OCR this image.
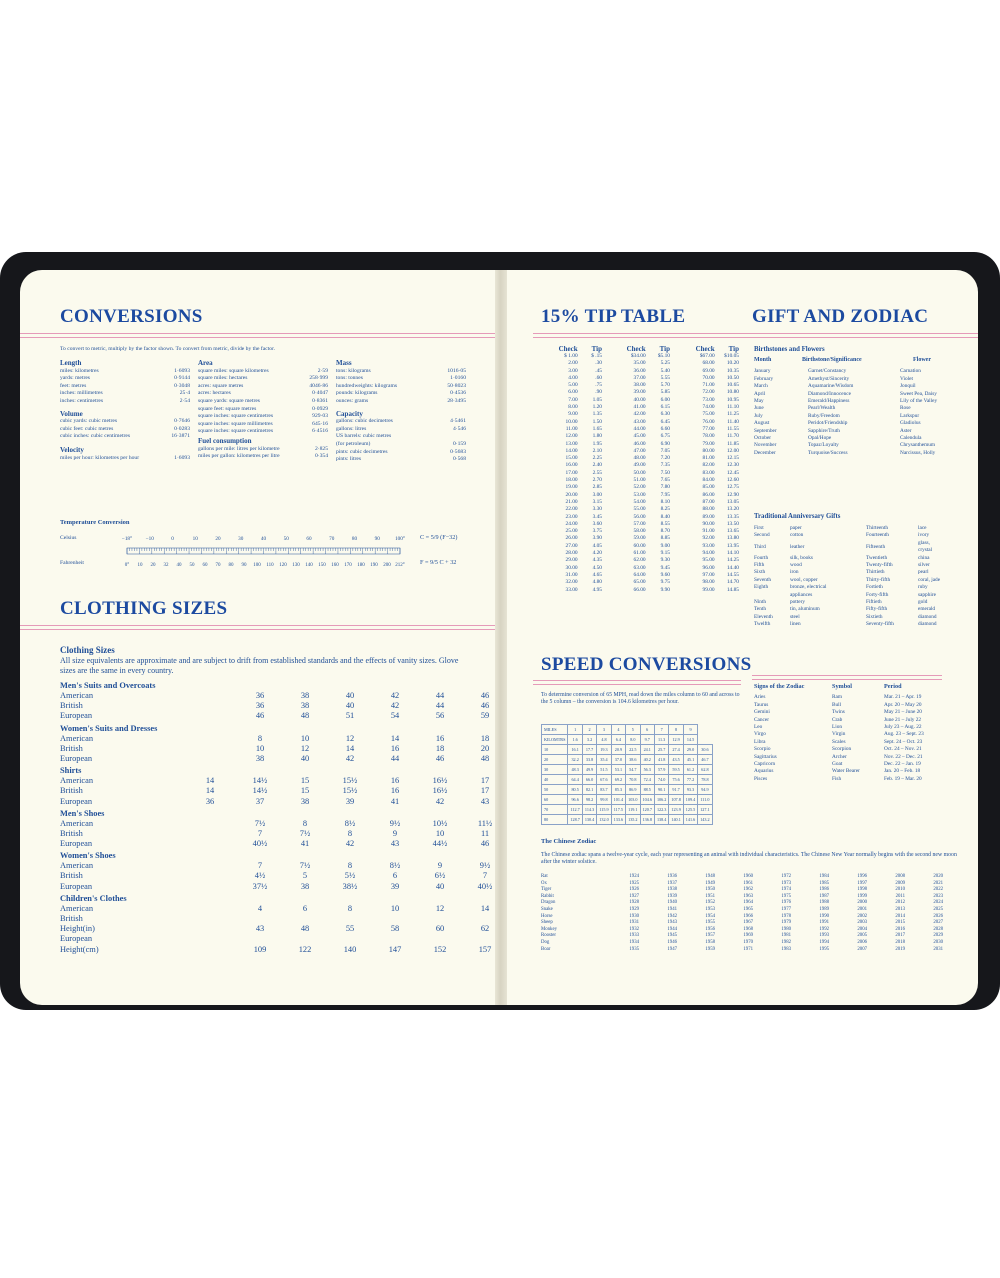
CONVERSIONS
To convert to metric, multiply by the factor shown. To convert from metric, divide by the factor.
Length
miles: kilometres	1·6093
yards: metres	0·9144
feet: metres	0·3048
inches: millimetres	25·4
inches: centimetres	2·54
Volume
cubic yards: cubic metres	0·7646
cubic feet: cubic metres	0·0283
cubic inches: cubic centimetres	16·3871
Velocity
miles per hour: kilometres per hour	1·6093
Area
square miles: square kilometres	2·59
square miles: hectares	258·999
acres: square metres	4046·86
acres: hectares	0·4047
square yards: square metres	0·8361
square feet: square metres	0·0929
square inches: square centimetres	929·03
square inches: square millimetres	645·16
square inches: square centimetres	6·4516
Fuel consumption
gallons per mile: litres per kilometre	2·825
miles per gallon: kilometres per litre	0·354
Mass
tons: kilograms	1016·05
tons: tonnes	1·0160
hundredweights: kilograms	50·8023
pounds: kilograms	0·4536
ounces: grams	28·3495
Capacity
gallons: cubic decimetres	4·5461
gallons: litres	4·546
US barrels: cubic metres
(for petroleum)	0·159
pints: cubic decimetres	0·5683
pints: litres	0·568
Temperature Conversion
Celsius
Fahrenheit
−18°	−10	0	10	20	30	40	50	60	70	80	90	100°
0° 10 20 32 40 50 60 70 80 90 100 110 120 130 140 150 160 170 180 190 200 212°
C = 5/9 (F−32)
F = 9/5 C + 32
CLOTHING SIZES
Clothing Sizes
All size equivalents are approximate and are subject to drift from established standards and the effects of vanity sizes. Glove sizes are the same in every country.
Men's Suits and Overcoats
American	36	38	40	42	44	46
British	36	38	40	42	44	46
European	46	48	51	54	56	59
Women's Suits and Dresses
American	8	10	12	14	16	18
British	10	12	14	16	18	20
European	38	40	42	44	46	48
Shirts
American	14	14½	15	15½	16	16½	17
British	14	14½	15	15½	16	16½	17
European	36	37	38	39	41	42	43
Men's Shoes
American	7½	8	8½	9½	10½	11½
British	7	7½	8	9	10	11
European	40½	41	42	43	44½	46
Women's Shoes
American	7	7½	8	8½	9	9½
British	4½	5	5½	6	6½	7
European	37½	38	38½	39	40	40½
Children's Clothes
American	4	6	8	10	12	14
British
Height(in)	43	48	55	58	60	62
European
Height(cm)	109	122	140	147	152	157
15% TIP TABLE	GIFT AND ZODIAC
Check	Tip
$ 1.00	$ .15
2.00	.30
3.00	.45
4.00	.60
5.00	.75
6.00	.90
7.00	1.05
8.00	1.20
9.00	1.35
10.00	1.50
11.00	1.65
12.00	1.80
13.00	1.95
14.00	2.10
15.00	2.25
16.00	2.40
17.00	2.55
18.00	2.70
19.00	2.85
20.00	3.00
21.00	3.15
22.00	3.30
23.00	3.45
24.00	3.60
25.00	3.75
26.00	3.90
27.00	4.05
28.00	4.20
29.00	4.35
30.00	4.50
31.00	4.65
32.00	4.80
33.00	4.95
Check	Tip
$34.00	$5.10
35.00	5.25
36.00	5.40
37.00	5.55
38.00	5.70
39.00	5.85
40.00	6.00
41.00	6.15
42.00	6.30
43.00	6.45
44.00	6.60
45.00	6.75
46.00	6.90
47.00	7.05
48.00	7.20
49.00	7.35
50.00	7.50
51.00	7.65
52.00	7.80
53.00	7.95
54.00	8.10
55.00	8.25
56.00	8.40
57.00	8.55
58.00	8.70
59.00	8.85
60.00	9.00
61.00	9.15
62.00	9.30
63.00	9.45
64.00	9.60
65.00	9.75
66.00	9.90
Check	Tip
$67.00	$10.05
68.00	10.20
69.00	10.35
70.00	10.50
71.00	10.65
72.00	10.80
73.00	10.95
74.00	11.10
75.00	11.25
76.00	11.40
77.00	11.55
78.00	11.70
79.00	11.85
80.00	12.00
81.00	12.15
82.00	12.30
83.00	12.45
84.00	12.60
85.00	12.75
86.00	12.90
87.00	13.05
88.00	13.20
89.00	13.35
90.00	13.50
91.00	13.65
92.00	13.80
93.00	13.95
94.00	14.10
95.00	14.25
96.00	14.40
97.00	14.55
98.00	14.70
99.00	14.85
SPEED CONVERSIONS
To determine conversion of 65 MPH, read down the miles column to 60 and across to the 5 column – the conversion is 104.6 kilometres per hour.
MILES	1	2	3	4	5	6	7	8	9	
KILOMTRS	1.6	3.2	4.8	6.4	8.0	9.7	11.3	12.9	14.5	
10	16.1	17.7	19.3	20.9	22.5	24.1	25.7	27.4	29.0	30.6
20	32.2	33.8	35.4	37.0	38.6	40.2	41.8	43.5	45.1	46.7
30	48.3	49.9	51.5	53.1	54.7	56.3	57.9	59.5	61.2	62.8
40	64.4	66.0	67.6	69.2	70.8	72.4	74.0	75.6	77.2	78.8
50	80.5	82.1	83.7	85.3	86.9	88.5	90.1	91.7	93.3	94.9
60	96.6	98.2	99.8	101.4	103.0	104.6	106.2	107.8	109.4	111.0
70	112.7	114.3	115.9	117.5	119.1	120.7	122.3	123.9	125.5	127.1
80	128.7	130.4	132.0	133.6	135.2	136.8	138.4	140.1	141.6	143.2
The Chinese Zodiac
The Chinese zodiac spans a twelve-year cycle, each year representing an animal with individual characteristics. The Chinese New Year normally begins with the second new moon after the winter solstice.
Rat	1924	1936	1948	1960	1972	1984	1996	2008	2020
Ox	1925	1937	1949	1961	1973	1985	1997	2009	2021
Tiger	1926	1938	1950	1962	1974	1986	1998	2010	2022
Rabbit	1927	1939	1951	1963	1975	1987	1999	2011	2023
Dragon	1928	1940	1952	1964	1976	1988	2000	2012	2024
Snake	1929	1941	1953	1965	1977	1989	2001	2013	2025
Horse	1930	1942	1954	1966	1978	1990	2002	2014	2026
Sheep	1931	1943	1955	1967	1979	1991	2003	2015	2027
Monkey	1932	1944	1956	1968	1980	1992	2004	2016	2028
Rooster	1933	1945	1957	1969	1981	1993	2005	2017	2029
Dog	1934	1946	1958	1970	1982	1994	2006	2018	2030
Boar	1935	1947	1959	1971	1983	1995	2007	2019	2031
Birthstones and Flowers
Month	Birthstone/Significance	Flower
January	Garnet/Constancy	Carnation
February	Amethyst/Sincerity	Violet
March	Aquamarine/Wisdom	Jonquil
April	Diamond/Innocence	Sweet Pea, Daisy
May	Emerald/Happiness	Lily of the Valley
June	Pearl/Wealth	Rose
July	Ruby/Freedom	Larkspur
August	Peridot/Friendship	Gladiolus
September	Sapphire/Truth	Aster
October	Opal/Hope	Calendula
November	Topaz/Loyalty	Chrysanthemum
December	Turquoise/Success	Narcissus, Holly
Traditional Anniversary Gifts
First	paper	Thirteenth	lace
Second	cotton	Fourteenth	ivory
Third	leather	Fifteenth	glass, crystal
Fourth	silk, books	Twentieth	china
Fifth	wood	Twenty-fifth	silver
Sixth	iron	Thirtieth	pearl
Seventh	wool, copper	Thirty-fifth	coral, jade
Eighth	bronze, electrical	Fortieth	ruby
	appliances	Forty-fifth	sapphire
Ninth	pottery	Fiftieth	gold
Tenth	tin, aluminum	Fifty-fifth	emerald
Eleventh	steel	Sixtieth	diamond
Twelfth	linen	Seventy-fifth	diamond
Signs of the Zodiac	Symbol	Period
Aries	Ram	Mar. 21 – Apr. 19
Taurus	Bull	Apr. 20 – May 20
Gemini	Twins	May 21 – June 20
Cancer	Crab	June 21 – July 22
Leo	Lion	July 23 – Aug. 22
Virgo	Virgin	Aug. 23 – Sept. 23
Libra	Scales	Sept. 24 – Oct. 23
Scorpio	Scorpion	Oct. 24 – Nov. 21
Sagittarius	Archer	Nov. 22 – Dec. 21
Capricorn	Goat	Dec. 22 – Jan. 19
Aquarius	Water Bearer	Jan. 20 – Feb. 18
Pisces	Fish	Feb. 19 – Mar. 20
